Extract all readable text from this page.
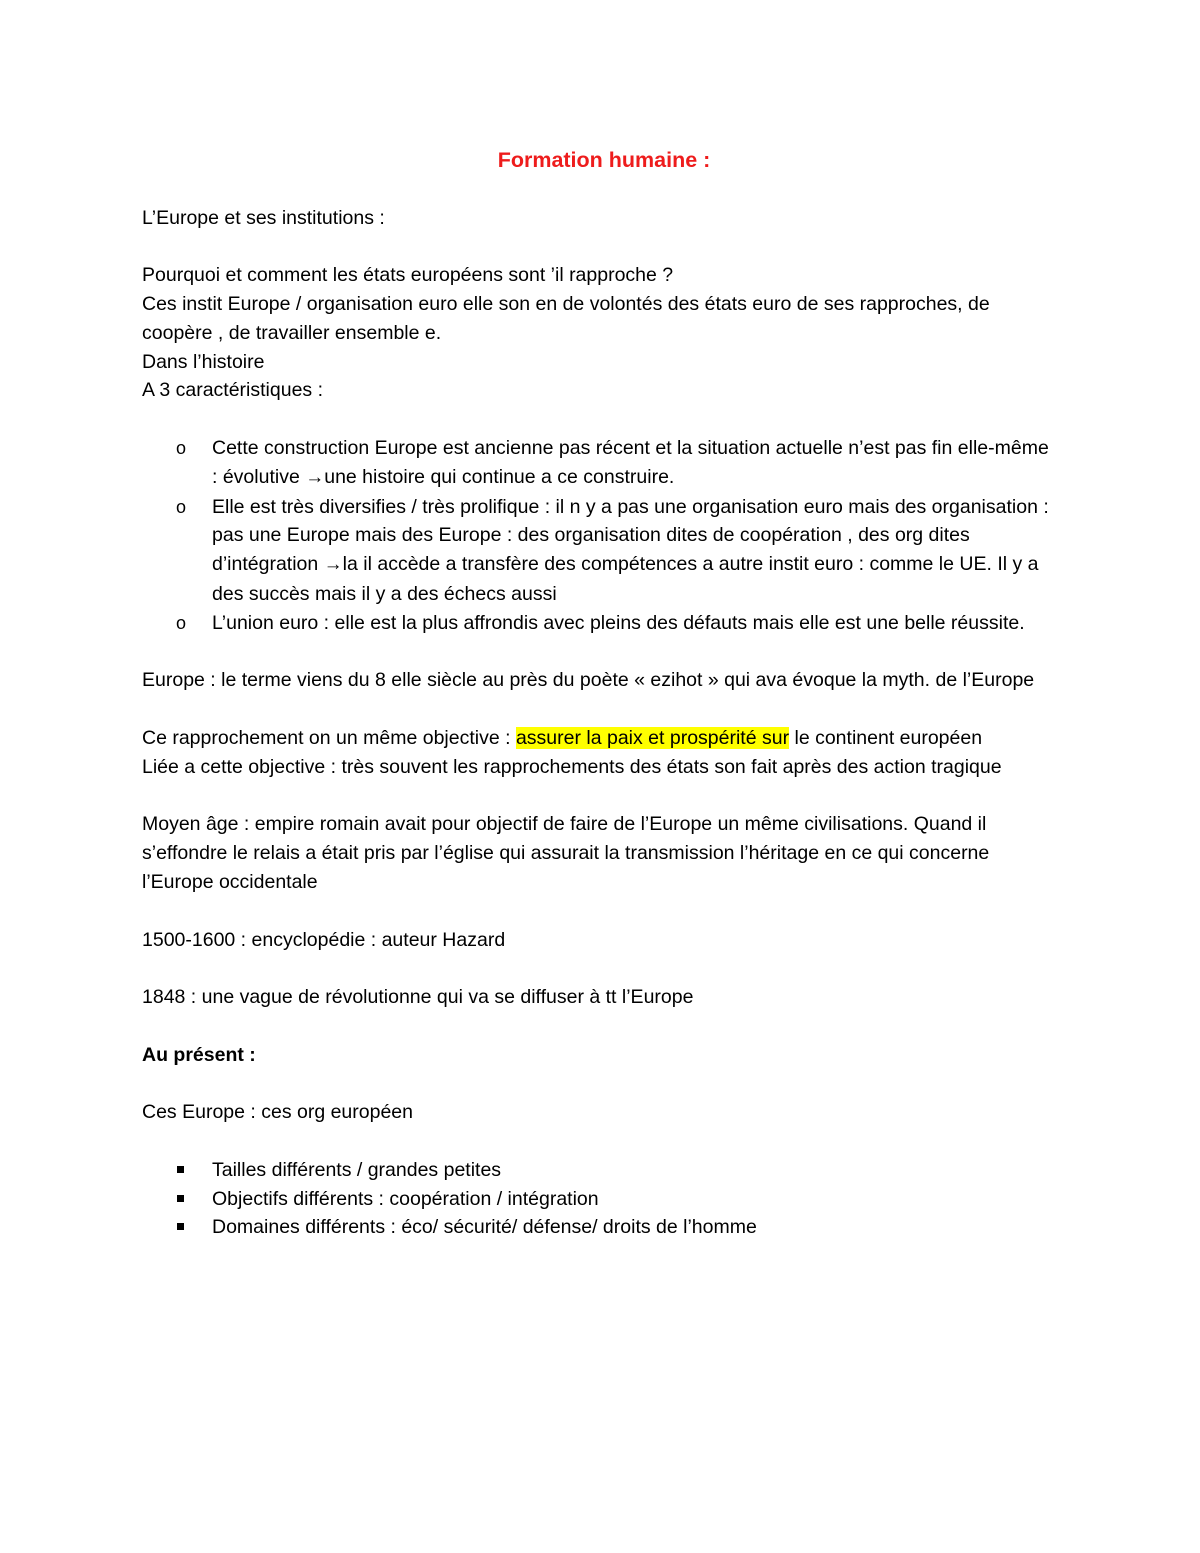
Formation humaine :

L’Europe et ses institutions :

Pourquoi et comment les états européens sont ’il rapproche ?

Ces instit Europe / organisation euro elle son en de volontés des états euro de ses rapproches, de coopère , de travailler ensemble e.

Dans l’histoire

A 3 caractéristiques :

o Cette construction Europe est ancienne pas récent et la situation actuelle n’est pas fin elle-même : évolutive →une histoire qui continue a ce construire.
o Elle est très diversifies / très prolifique : il n y a pas une organisation euro mais des organisation : pas une Europe mais des Europe : des organisation dites de coopération , des org dites d’intégration →la il accède a transfère des compétences a autre instit euro : comme le UE. Il y a des succès mais il y a des échecs aussi
o L’union euro : elle est la plus affrondis avec pleins des défauts mais elle est une belle réussite.

Europe : le terme viens du 8 elle siècle au près du poète « ezihot » qui ava évoque la myth. de l’Europe

Ce rapprochement on un même objective : assurer la paix et prospérité sur le continent européen

Liée a cette objective : très souvent les rapprochements des états son fait après des action tragique

Moyen âge : empire romain avait pour objectif de faire de l’Europe un même civilisations. Quand il s’effondre le relais a était pris par l’église qui assurait la transmission l’héritage en ce qui concerne l’Europe occidentale

1500-1600 : encyclopédie : auteur Hazard

1848 : une vague de révolutionne qui va se diffuser à tt l’Europe

Au présent :

Ces Europe : ces org européen

Tailles différents / grandes petites
Objectifs différents : coopération / intégration
Domaines différents : éco/ sécurité/ défense/ droits de l’homme
